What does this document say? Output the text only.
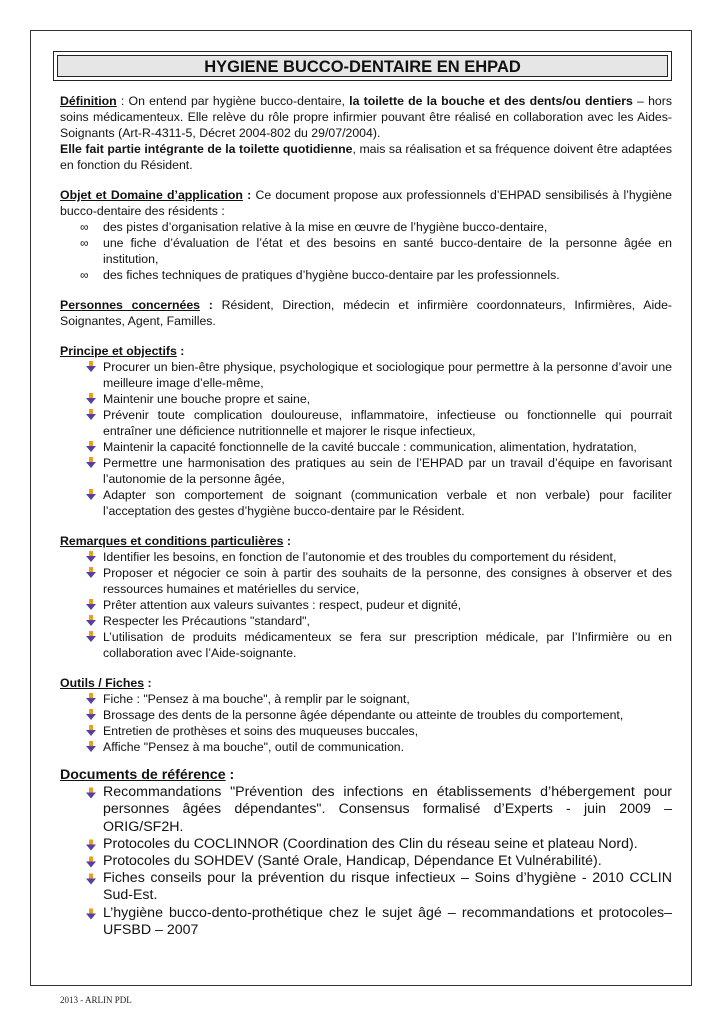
HYGIENE BUCCO-DENTAIRE EN EHPAD

Définition : On entend par hygiène bucco-dentaire, la toilette de la bouche et des dents/ou dentiers – hors soins médicamenteux. Elle relève du rôle propre infirmier pouvant être réalisé en collaboration avec les Aides-Soignants (Art-R-4311-5, Décret 2004-802 du 29/07/2004).
Elle fait partie intégrante de la toilette quotidienne, mais sa réalisation et sa fréquence doivent être adaptées en fonction du Résident.

Objet et Domaine d’application : Ce document propose aux professionnels d’EHPAD sensibilisés à l’hygiène bucco-dentaire des résidents :

∞ des pistes d’organisation relative à la mise en œuvre de l’hygiène bucco-dentaire,
∞ une fiche d’évaluation de l’état et des besoins en santé bucco-dentaire de la personne âgée en institution,
∞ des fiches techniques de pratiques d’hygiène bucco-dentaire par les professionnels.

Personnes concernées : Résident, Direction, médecin et infirmière coordonnateurs, Infirmières, Aide-Soignantes, Agent, Familles.

Principe et objectifs :

Procurer un bien-être physique, psychologique et sociologique pour permettre à la personne d’avoir une meilleure image d’elle-même,
Maintenir une bouche propre et saine,
Prévenir toute complication douloureuse, inflammatoire, infectieuse ou fonctionnelle qui pourrait entraîner une déficience nutritionnelle et majorer le risque infectieux,
Maintenir la capacité fonctionnelle de la cavité buccale : communication, alimentation, hydratation,
Permettre une harmonisation des pratiques au sein de l’EHPAD par un travail d’équipe en favorisant l’autonomie de la personne âgée,
Adapter son comportement de soignant (communication verbale et non verbale) pour faciliter l’acceptation des gestes d’hygiène bucco-dentaire par le Résident.

Remarques et conditions particulières :

Identifier les besoins, en fonction de l’autonomie et des troubles du comportement du résident,
Proposer et négocier ce soin à partir des souhaits de la personne, des consignes à observer et des ressources humaines et matérielles du service,
Prêter attention aux valeurs suivantes : respect, pudeur et dignité,
Respecter les Précautions "standard",
L’utilisation de produits médicamenteux se fera sur prescription médicale, par l’Infirmière ou en collaboration avec l’Aide-soignante.

Outils / Fiches :

Fiche : "Pensez à ma bouche", à remplir par le soignant,
Brossage des dents de la personne âgée dépendante ou atteinte de troubles du comportement,
Entretien de prothèses et soins des muqueuses buccales,
Affiche "Pensez à ma bouche", outil de communication.

Documents de référence :

Recommandations "Prévention des infections en établissements d’hébergement pour personnes âgées dépendantes". Consensus formalisé d’Experts - juin 2009 – ORIG/SF2H.
Protocoles du COCLINNOR (Coordination des Clin du réseau seine et plateau Nord).
Protocoles du SOHDEV (Santé Orale, Handicap, Dépendance Et Vulnérabilité).
Fiches conseils pour la prévention du risque infectieux – Soins d’hygiène - 2010 CCLIN Sud-Est.
L’hygiène bucco-dento-prothétique chez le sujet âgé – recommandations et protocoles– UFSBD – 2007
2013 - ARLIN PDL
